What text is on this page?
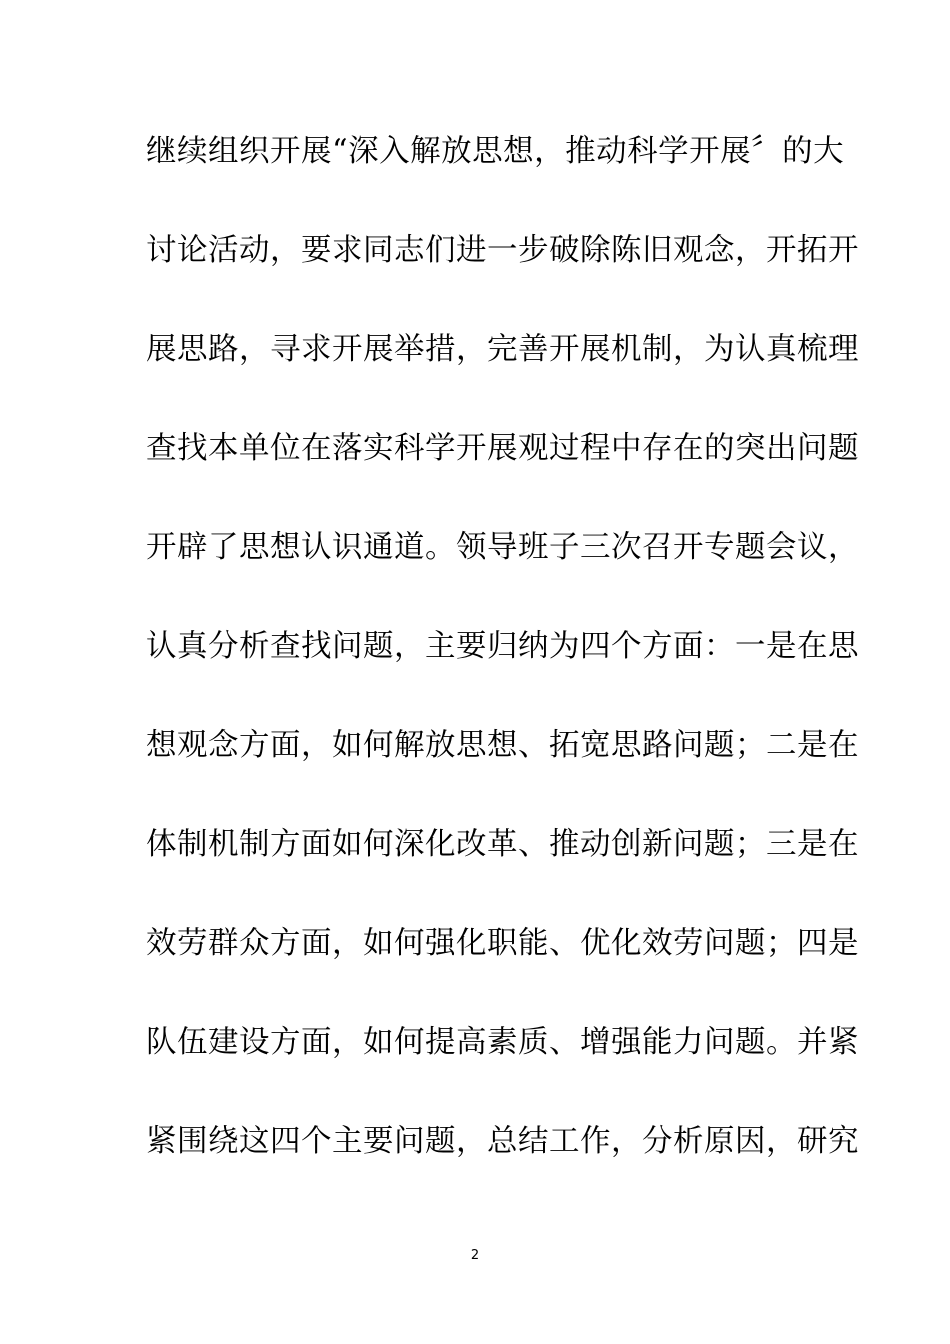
继续组织开展“深入解放思想，推动科学开展〞的大
讨论活动，要求同志们进一步破除陈旧观念，开拓开
展思路，寻求开展举措，完善开展机制，为认真梳理
查找本单位在落实科学开展观过程中存在的突出问题
开辟了思想认识通道。领导班子三次召开专题会议，
认真分析查找问题，主要归纳为四个方面：一是在思
想观念方面，如何解放思想、拓宽思路问题；二是在
体制机制方面如何深化改革、推动创新问题；三是在
效劳群众方面，如何强化职能、优化效劳问题；四是
队伍建设方面，如何提高素质、增强能力问题。并紧
紧围绕这四个主要问题，总结工作，分析原因，研究
2
